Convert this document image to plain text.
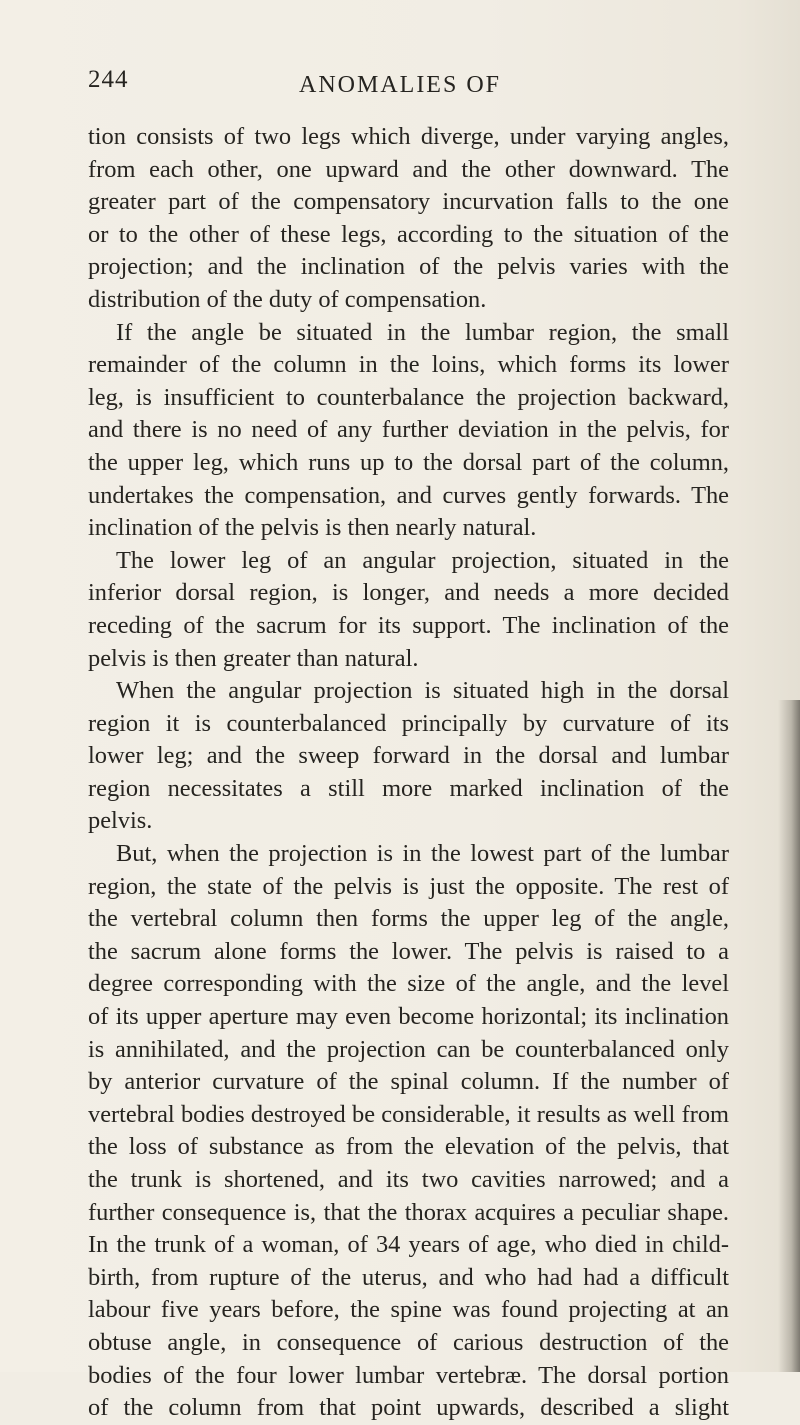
244	ANOMALIES OF
tion consists of two legs which diverge, under varying angles,
from each other, one upward and the other downward. The
greater part of the compensatory incurvation falls to the one
or to the other of these legs, according to the situation of the
projection; and the inclination of the pelvis varies with the
distribution of the duty of compensation.
If the angle be situated in the lumbar region, the small
remainder of the column in the loins, which forms its lower
leg, is insufficient to counterbalance the projection backward,
and there is no need of any further deviation in the pelvis, for
the upper leg, which runs up to the dorsal part of the column,
undertakes the compensation, and curves gently forwards. The
inclination of the pelvis is then nearly natural.
The lower leg of an angular projection, situated in the
inferior dorsal region, is longer, and needs a more decided
receding of the sacrum for its support. The inclination of the
pelvis is then greater than natural.
When the angular projection is situated high in the dorsal
region it is counterbalanced principally by curvature of its
lower leg; and the sweep forward in the dorsal and lumbar
region necessitates a still more marked inclination of the
pelvis.
But, when the projection is in the lowest part of the lumbar
region, the state of the pelvis is just the opposite. The rest of
the vertebral column then forms the upper leg of the angle,
the sacrum alone forms the lower. The pelvis is raised to a
degree corresponding with the size of the angle, and the level
of its upper aperture may even become horizontal; its inclination
is annihilated, and the projection can be counterbalanced only
by anterior curvature of the spinal column. If the number of
vertebral bodies destroyed be considerable, it results as well from
the loss of substance as from the elevation of the pelvis, that
the trunk is shortened, and its two cavities narrowed; and a
further consequence is, that the thorax acquires a peculiar shape.
In the trunk of a woman, of 34 years of age, who died in child-
birth, from rupture of the uterus, and who had had a difficult
labour five years before, the spine was found projecting at an
obtuse angle, in consequence of carious destruction of the
bodies of the four lower lumbar vertebræ. The dorsal portion
of the column from that point upwards, described a slight
